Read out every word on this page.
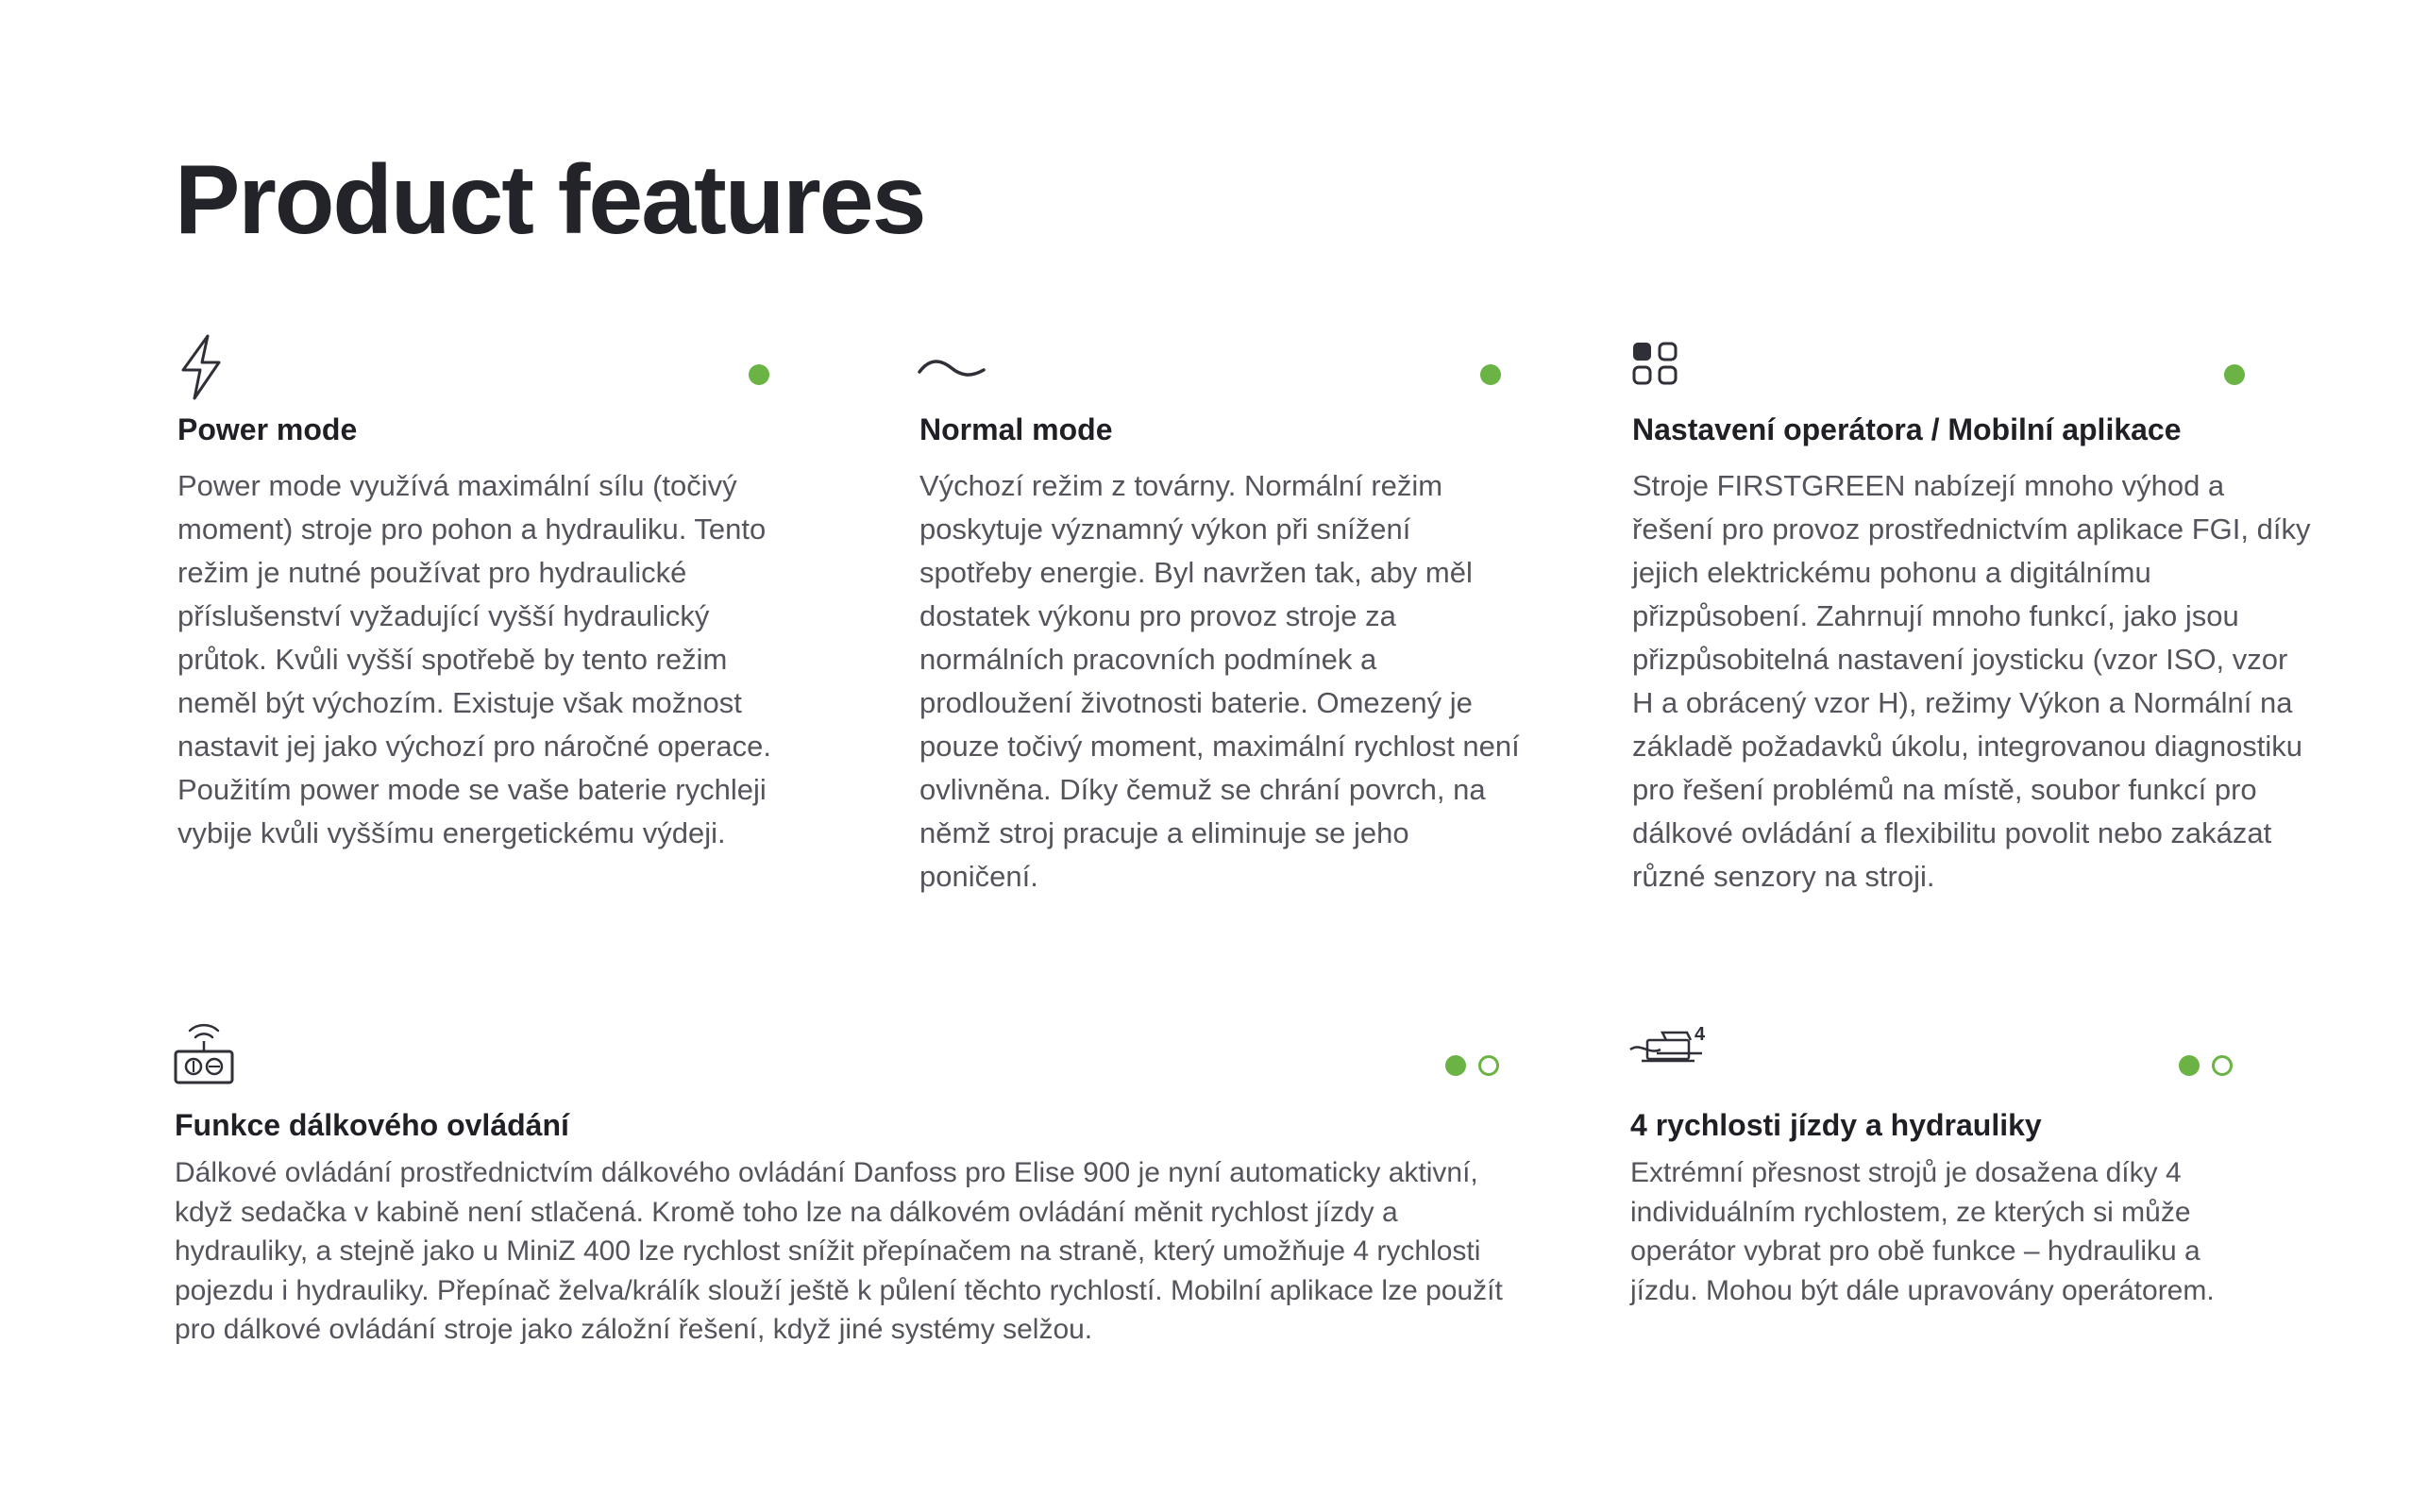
Product features
Power mode

Power mode využívá maximální sílu (točivý moment) stroje pro pohon a hydrauliku. Tento režim je nutné používat pro hydraulické příslušenství vyžadující vyšší hydraulický průtok. Kvůli vyšší spotřebě by tento režim neměl být výchozím. Existuje však možnost nastavit jej jako výchozí pro náročné operace. Použitím power mode se vaše baterie rychleji vybije kvůli vyššímu energetickému výdeji.

Normal mode

Výchozí režim z továrny. Normální režim poskytuje významný výkon při snížení spotřeby energie. Byl navržen tak, aby měl dostatek výkonu pro provoz stroje za normálních pracovních podmínek a prodloužení životnosti baterie. Omezený je pouze točivý moment, maximální rychlost není ovlivněna. Díky čemuž se chrání povrch, na němž stroj pracuje a eliminuje se jeho poničení.

Nastavení operátora / Mobilní aplikace

Stroje FIRSTGREEN nabízejí mnoho výhod a řešení pro provoz prostřednictvím aplikace FGI, díky jejich elektrickému pohonu a digitálnímu přizpůsobení. Zahrnují mnoho funkcí, jako jsou přizpůsobitelná nastavení joysticku (vzor ISO, vzor H a obrácený vzor H), režimy Výkon a Normální na základě požadavků úkolu, integrovanou diagnostiku pro řešení problémů na místě, soubor funkcí pro dálkové ovládání a flexibilitu povolit nebo zakázat různé senzory na stroji.

Funkce dálkového ovládání

Dálkové ovládání prostřednictvím dálkového ovládání Danfoss pro Elise 900 je nyní automaticky aktivní, když sedačka v kabině není stlačená. Kromě toho lze na dálkovém ovládání měnit rychlost jízdy a hydrauliky, a stejně jako u MiniZ 400 lze rychlost snížit přepínačem na straně, který umožňuje 4 rychlosti pojezdu i hydrauliky. Přepínač želva/králík slouží ještě k půlení těchto rychlostí. Mobilní aplikace lze použít pro dálkové ovládání stroje jako záložní řešení, když jiné systémy selžou.

4
4 rychlosti jízdy a hydrauliky

Extrémní přesnost strojů je dosažena díky 4 individuálním rychlostem, ze kterých si může operátor vybrat pro obě funkce – hydrauliku a jízdu. Mohou být dále upravovány operátorem.
